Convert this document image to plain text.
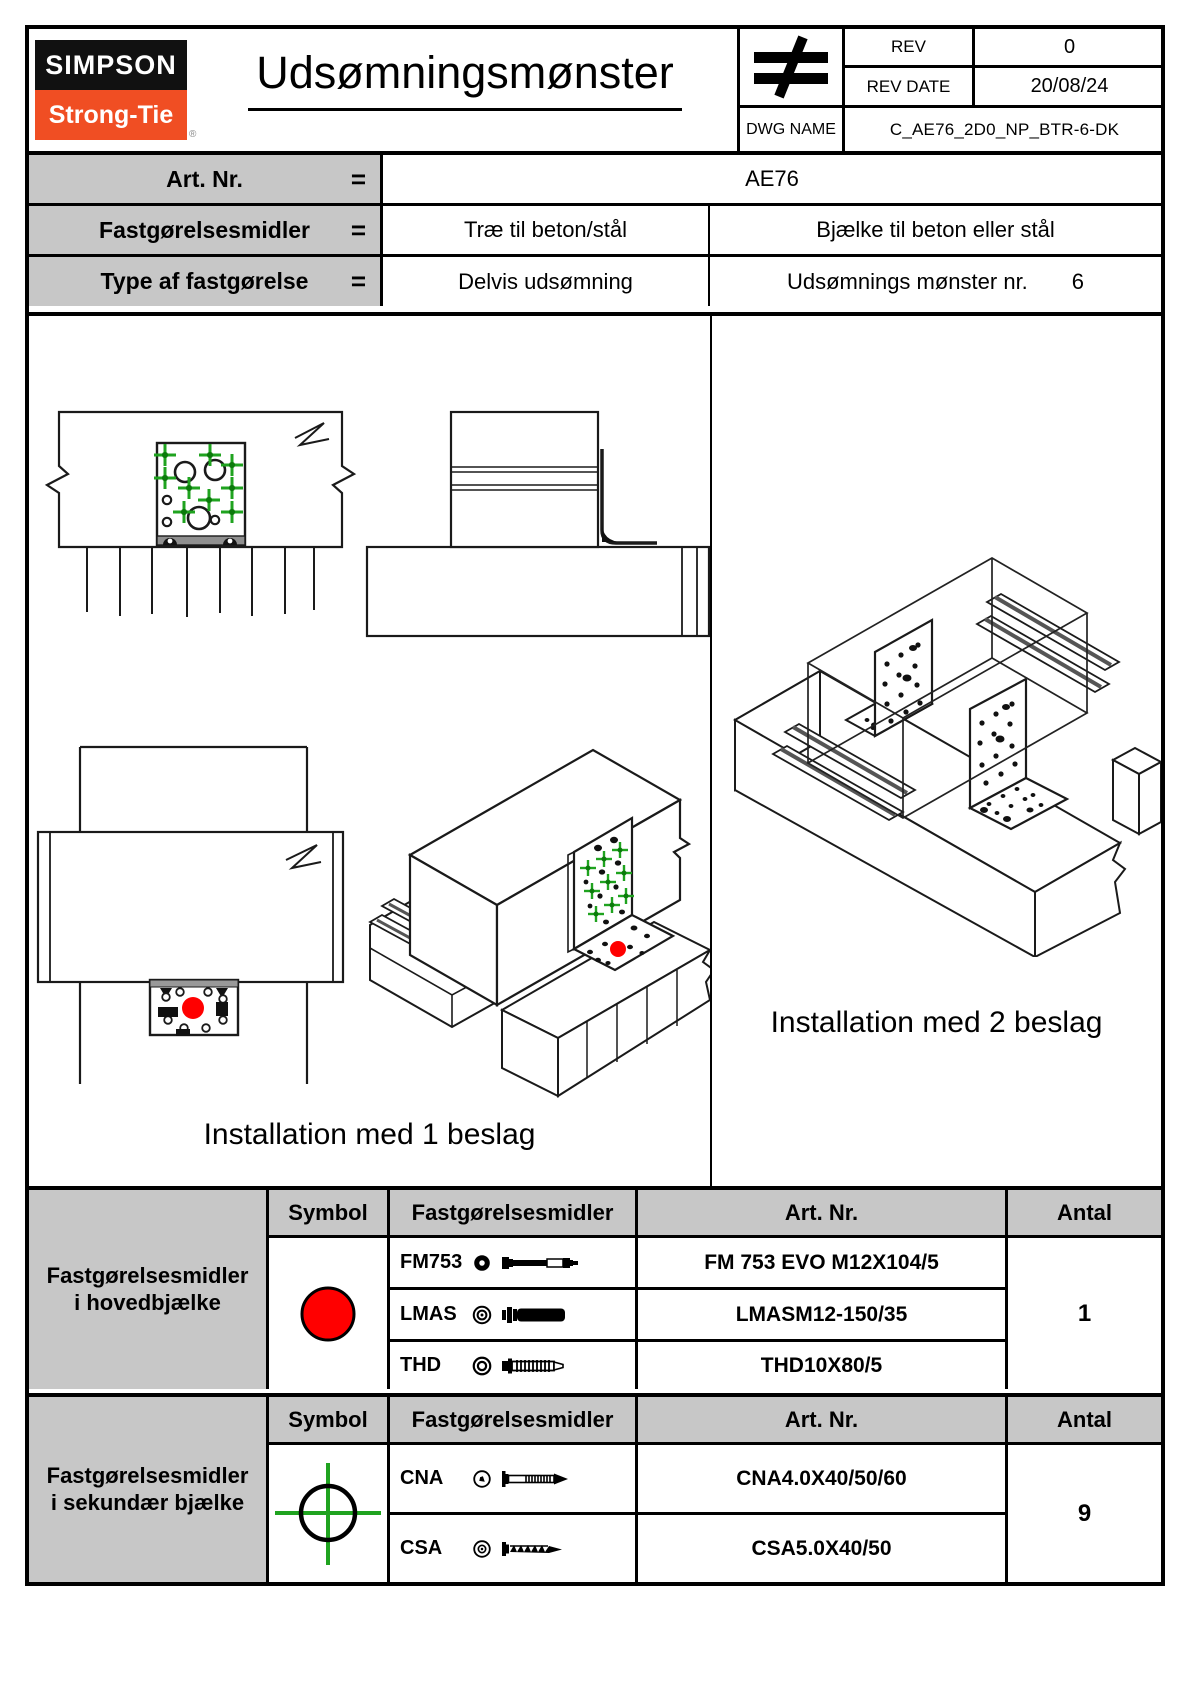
SIMPSON
Strong-Tie
®
Udsømningsmønster
REV	0
REV DATE	20/08/24
DWG NAME	C_AE76_2D0_NP_BTR-6-DK
Art. Nr.	=	AE76
Fastgørelsesmidler =	Træ til beton/stål	Bjælke til beton eller stål
Type af fastgørelse =	Delvis udsømning	Udsømnings mønster nr. 6
Installation med 1 beslag
Installation med 2 beslag
Fastgørelsesmidler
i hovedbjælke
Symbol	Fastgørelsesmidler	Art. Nr.	Antal
FM753	FM 753 EVO M12X104/5
LMAS	LMASM12-150/35
THD	THD10X80/5
1
Fastgørelsesmidler
i sekundær bjælke
Symbol	Fastgørelsesmidler	Art. Nr.	Antal
CNA	CNA4.0X40/50/60
CSA	CSA5.0X40/50
9
